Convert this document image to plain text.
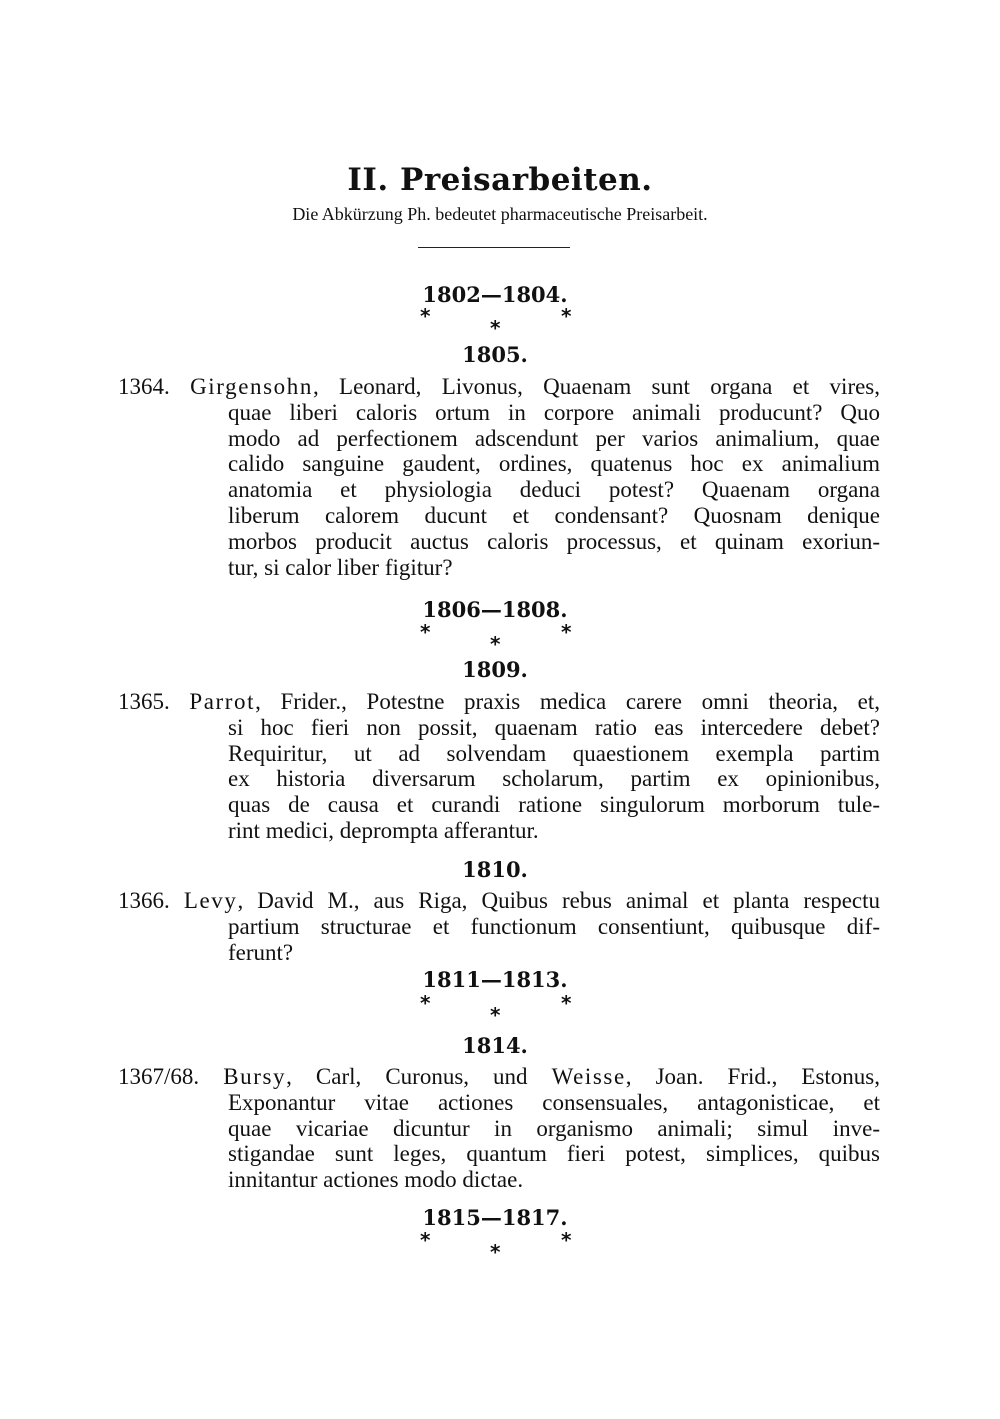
II. Preisarbeiten.
Die Abkürzung Ph. bedeutet pharmaceutische Preisarbeit.
1802—1804.
*	*	*
1805.
1364. Girgensohn, Leonard, Livonus, Quaenam sunt organa et vires,
quae liberi caloris ortum in corpore animali producunt? Quo
modo ad perfectionem adscendunt per varios animalium, quae
calido sanguine gaudent, ordines, quatenus hoc ex animalium
anatomia et physiologia deduci potest? Quaenam organa
liberum calorem ducunt et condensant? Quosnam denique
morbos producit auctus caloris processus, et quinam exoriun-
tur, si calor liber figitur?
1806—1808.
*	*	*
1809.
1365. Parrot, Frider., Potestne praxis medica carere omni theoria, et,
si hoc fieri non possit, quaenam ratio eas intercedere debet?
Requiritur, ut ad solvendam quaestionem exempla partim
ex historia diversarum scholarum, partim ex opinionibus,
quas de causa et curandi ratione singulorum morborum tule-
rint medici, deprompta afferantur.
1810.
1366. Levy, David M., aus Riga, Quibus rebus animal et planta respectu
partium structurae et functionum consentiunt, quibusque dif-
ferunt?
1811—1813.
*	*	*
1814.
1367/68. Bursy, Carl, Curonus, und Weisse, Joan. Frid., Estonus,
Exponantur vitae actiones consensuales, antagonisticae, et
quae vicariae dicuntur in organismo animali; simul inve-
stigandae sunt leges, quantum fieri potest, simplices, quibus
innitantur actiones modo dictae.
1815—1817.
*	*	*
